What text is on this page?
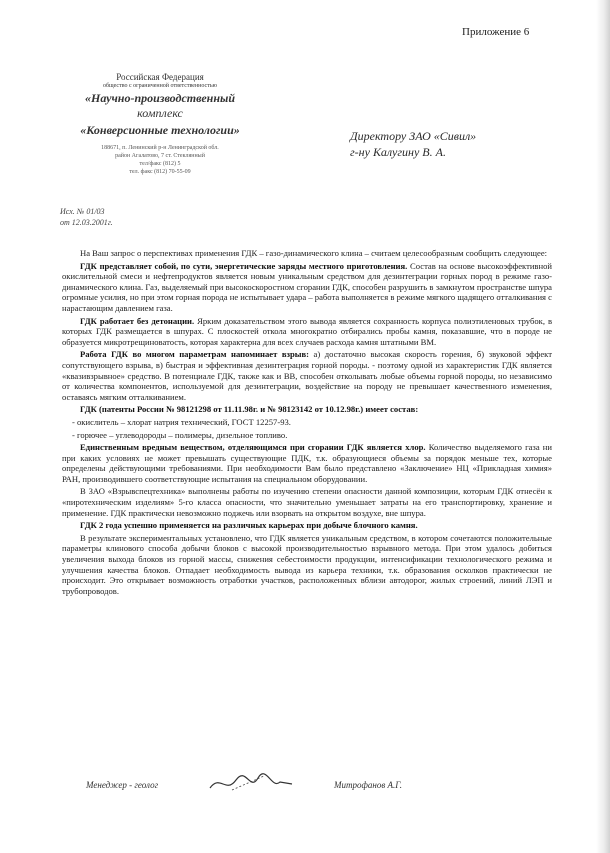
Приложение 6
Российская Федерация
общество с ограниченной ответственностью
«Научно-производственный
комплекс
«Конверсионные технологии»
188671, п. Ленинский р-н Ленинградской обл.
район Агалатово, 7 ст. Стеклянный
тел/факс (812) 5
тел. факс (812) 70-55-09
Директору ЗАО «Сивил»
г-ну Калугину В. А.
Исх. № 01/03
от 12.03.2001г.

На Ваш запрос о перспективах применения ГДК – газо-динамического клина – считаем целесообразным сообщить следующее:

ГДК представляет собой, по сути, энергетические заряды местного приготовления. Состав на основе высокоэффективной окислительной смеси и нефтепродуктов является новым уникальным средством для дезинтеграции горных пород в режиме газо-динамического клина. Газ, выделяемый при высокоскоростном сгорании ГДК, способен разрушить в замкнутом пространстве шпура огромные усилия, но при этом горная порода не испытывает удара – работа выполняется в режиме мягкого щадящего отталкивания с нарастающим давлением газа.

ГДК работает без детонации. Ярким доказательством этого вывода является сохранность корпуса полиэтиленовых трубок, в которых ГДК размещается в шпурах. С плоскостей откола многократно отбирались пробы камня, показавшие, что в породе не образуется микротрещиноватость, которая характерна для всех случаев расхода камня штатными ВМ.

Работа ГДК во многом параметрам напоминает взрыв: а) достаточно высокая скорость горения, б) звуковой эффект сопутствующего взрыва, в) быстрая и эффективная дезинтеграция горной породы. - поэтому одной из характеристик ГДК является «квазивзрывное» средство. В потенциале ГДК, также как и ВВ, способен отколывать любые объемы горной породы, но независимо от количества компонентов, используемой для дезинтеграции, воздействие на породу не превышает качественного изменения, оставаясь мягким отталкиванием.

ГДК (патенты России № 98121298 от 11.11.98г. и № 98123142 от 10.12.98г.) имеет состав:

- окислитель – хлорат натрия технический, ГОСТ 12257-93.

- горючее – углеводороды – полимеры, дизельное топливо.

Единственным вредным веществом, отделяющимся при сгорании ГДК является хлор. Количество выделяемого газа ни при каких условиях не может превышать существующие ПДК, т.к. образующиеся объемы за порядок меньше тех, которые определены действующими требованиями. При необходимости Вам было представлено «Заключение» НЦ «Прикладная химия» РАН, производившего соответствующие испытания на специальном оборудовании.

В ЗАО «Взрывспецтехника» выполнены работы по изучению степени опасности данной композиции, которым ГДК отнесён к «пиротехническим изделиям» 5-го класса опасности, что значительно уменьшает затраты на его транспортировку, хранение и применение. ГДК практически невозможно поджечь или взорвать на открытом воздухе, вне шпура.

ГДК 2 года успешно применяется на различных карьерах при добыче блочного камня.

В результате экспериментальных установлено, что ГДК является уникальным средством, в котором сочетаются положительные параметры клинового способа добычи блоков с высокой производительностью взрывного метода. При этом удалось добиться увеличения выхода блоков из горной массы, снижения себестоимости продукции, интенсификации технологического режима и улучшения качества блоков. Отпадает необходимость вывода из карьера техники, т.к. образования осколков практически не происходит. Это открывает возможность отработки участков, расположенных вблизи автодорог, жилых строений, линий ЛЭП и трубопроводов.

Менеджер - геолог	Митрофанов А.Г.
